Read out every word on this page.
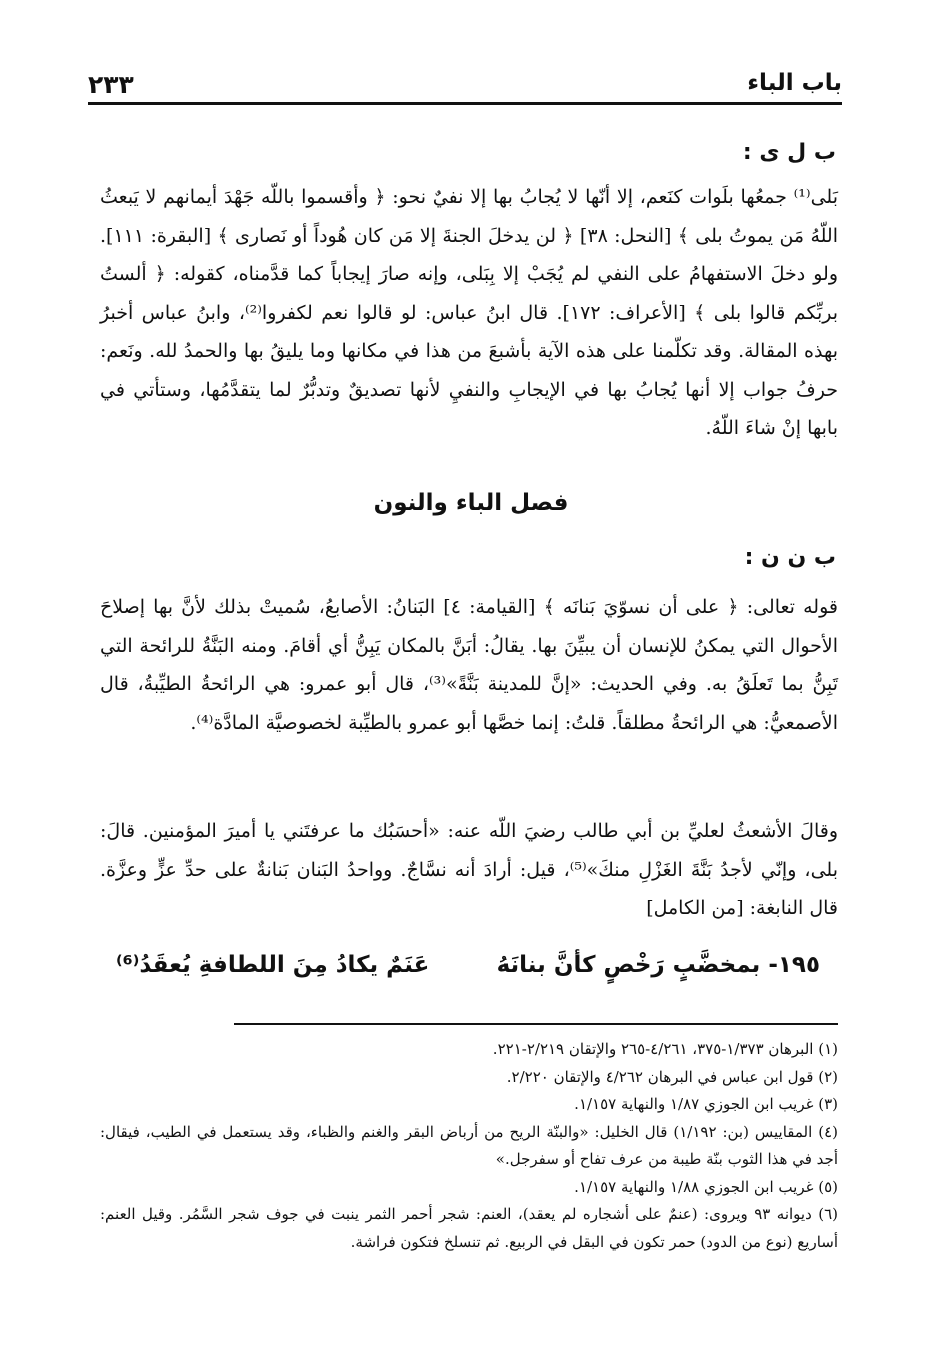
باب الباء
٢٣٣
ب ل ى :
بَلى⁽¹⁾ جمعُها بلَوات كنَعم، إلا أنّها لا يُجابُ بها إلا نفيٌ نحو: ﴿ وأقسموا باللّه جَهْدَ أيمانهم لا يَبعثُ اللّهُ مَن يموتُ بلى ﴾ [النحل: ٣٨] ﴿ لن يدخلَ الجنةَ إلا مَن كان هُوداً أو نَصارى ﴾ [البقرة: ١١١]. ولو دخلَ الاستفهامُ على النفي لم يُجَبْ إلا بِبَلى، وإنه صارَ إيجاباً كما قدَّمناه، كقوله: ﴿ ألستُ بربِّكم قالوا بلى ﴾ [الأعراف: ١٧٢]. قال ابنُ عباس: لو قالوا نعم لكفروا⁽²⁾، وابنُ عباس أخبرُ بهذه المقالة. وقد تكلّمنا على هذه الآية بأشبعَ من هذا في مكانها وما يليقُ بها والحمدُ لله. ونَعم: حرفُ جواب إلا أنها يُجابُ بها في الإيجابِ والنفيِ لأنها تصديقٌ وتدبُّرٌ لما يتقدَّمُها، وستأتي في بابها إنْ شاءَ اللّهُ.
فصل الباء والنون
ب ن ن :
قوله تعالى: ﴿ على أن نسوّيَ بَنانَه ﴾ [القيامة: ٤] البَنانُ: الأصابعُ، سُميتْ بذلك لأنَّ بها إصلاحَ الأحوال التي يمكنُ للإنسان أن يبيِّنَ بها. يقالُ: أبَنَّ بالمكان يَبِنُّ أي أقامَ. ومنه البَنَّةُ للرائحة التي تَبِنُّ بما تَعلَقُ به. وفي الحديث: «إنَّ للمدينة بَنَّةً»⁽³⁾، قال أبو عمرو: هي الرائحةُ الطيِّبةُ، قال الأصمعيُّ: هي الرائحةُ مطلقاً. قلتُ: إنما خصَّها أبو عمرو بالطيِّبة لخصوصيَّة المادَّة⁽⁴⁾.
وقالَ الأشعثُ لعليِّ بن أبي طالب رضيَ اللّه عنه: «أحسَبُك ما عرفتَني يا أميرَ المؤمنين. قالَ: بلى، وإنّي لأجدُ بَنَّةَ الغَزْلِ منكَ»⁽⁵⁾، قيل: أرادَ أنه نسَّاجٌ. وواحدُ البَنان بَنانةٌ على حدِّ عزٍّ وعزَّة. قال النابغة: [من الكامل]
١٩٥- بمخضَّبٍ رَخْصٍ كأنَّ بنانَهُ
عَنَمٌ يكادُ مِنَ اللطافةِ يُعقَدُ⁽⁶⁾
(١) البرهان ١/٣٧٣-٣٧٥، ٤/٢٦١-٢٦٥ والإتقان ٢/٢١٩-٢٢١.
(٢) قول ابن عباس في البرهان ٤/٢٦٢ والإتقان ٢/٢٢٠.
(٣) غريب ابن الجوزي ١/٨٧ والنهاية ١/١٥٧.
(٤) المقاييس (بن: ١/١٩٢) قال الخليل: «والبنّة الريح من أرباض البقر والغنم والظباء، وقد يستعمل في الطيب، فيقال: أجد في هذا الثوب بنّة طيبة من عرف تفاح أو سفرجل.»
(٥) غريب ابن الجوزي ١/٨٨ والنهاية ١/١٥٧.
(٦) ديوانه ٩٣ ويروى: (عنمٌ على أشجاره لم يعقد)، العنم: شجر أحمر الثمر ينبت في جوف شجر السَّمُر. وقيل العنم: أساريع (نوع من الدود) حمر تكون في البقل في الربيع. ثم تنسلخ فتكون فراشة.
